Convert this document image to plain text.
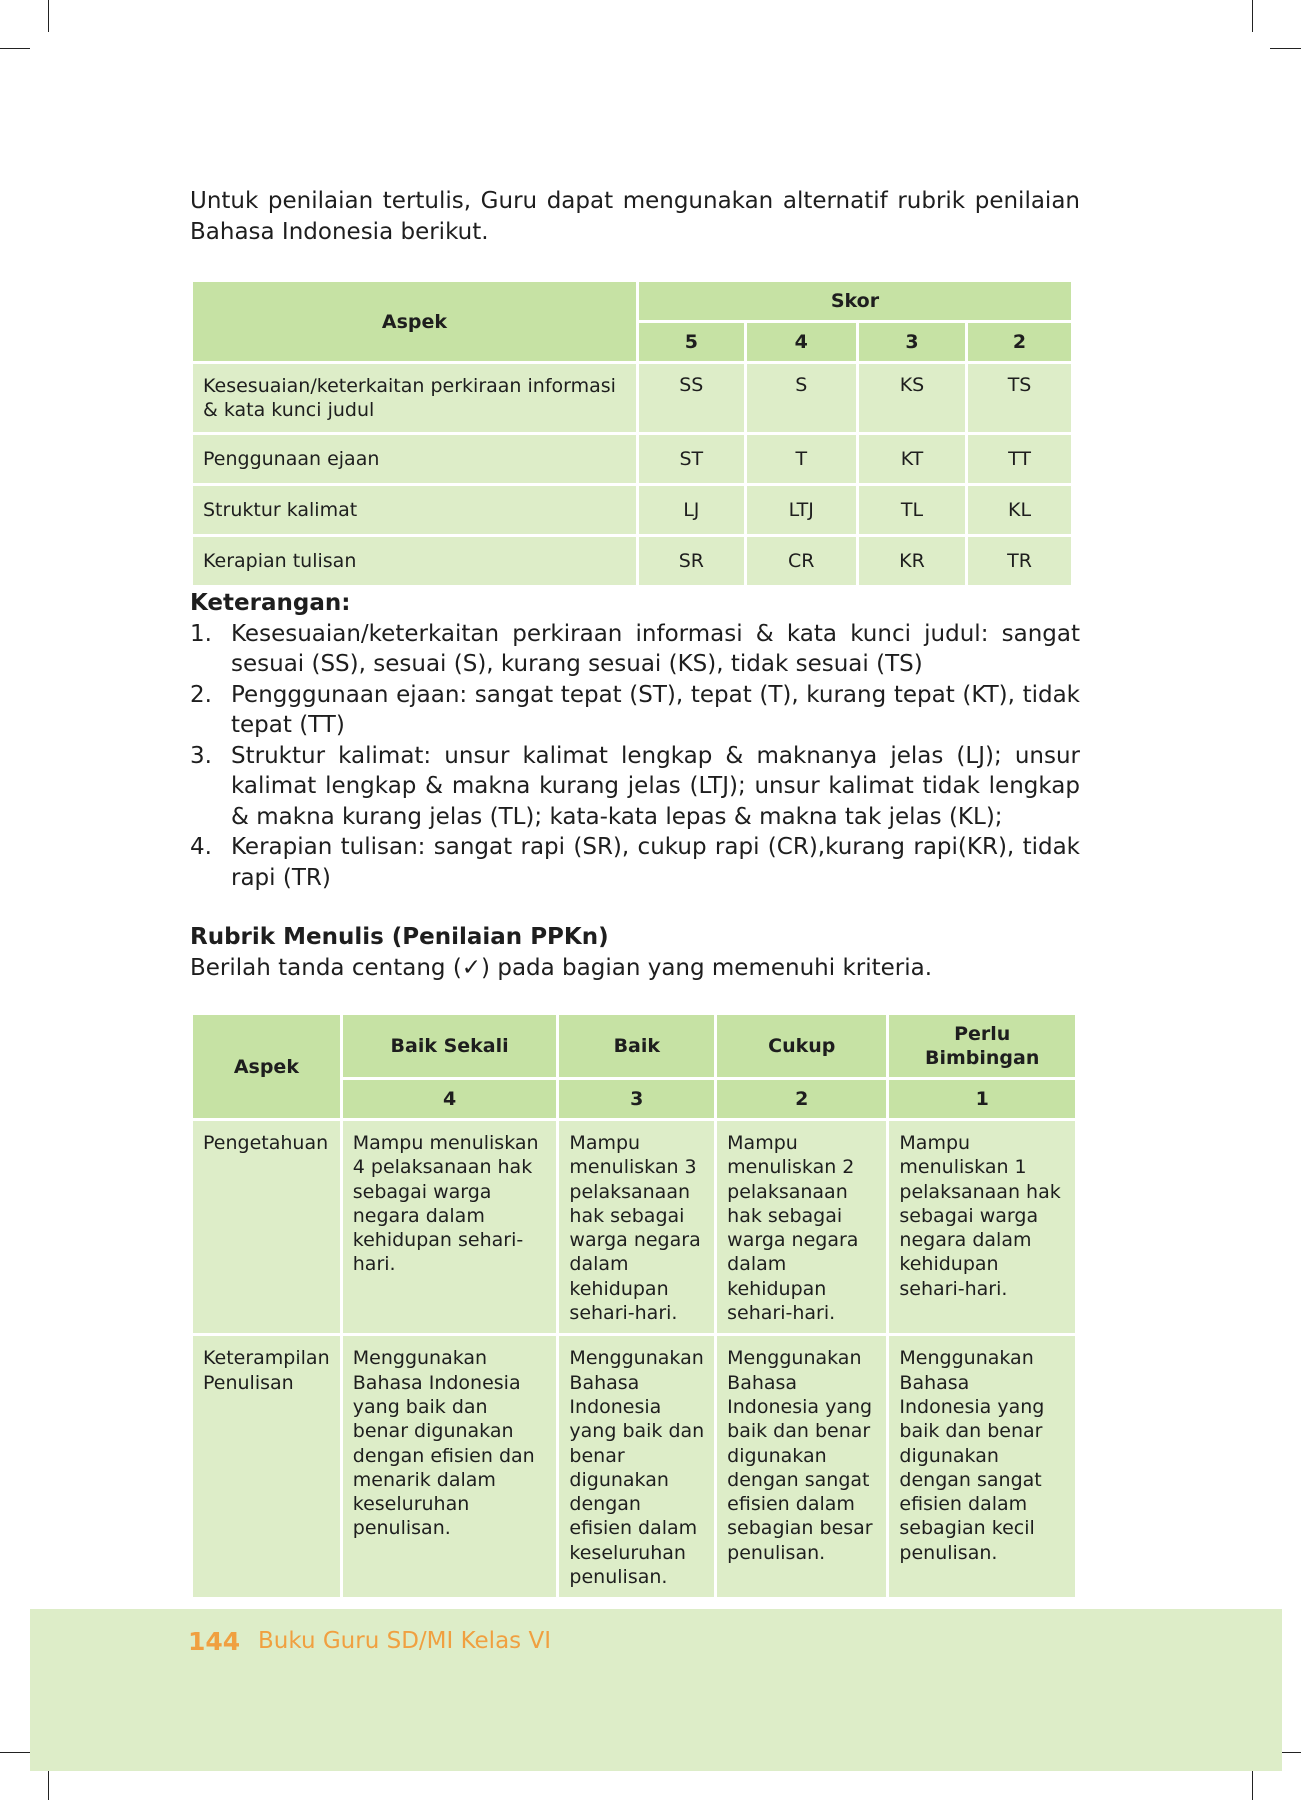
Untuk penilaian tertulis, Guru dapat mengunakan alternatif rubrik penilaian Bahasa Indonesia berikut.

Aspek	Skor			
	5	4	3	2
Kesesuaian/keterkaitan perkiraan informasi & kata kunci judul	SS	S	KS	TS
Penggunaan ejaan	ST	T	KT	TT
Struktur kalimat	LJ	LTJ	TL	KL
Kerapian tulisan	SR	CR	KR	TR
Keterangan:
1. Kesesuaian/keterkaitan perkiraan informasi & kata kunci judul: sangat sesuai (SS), sesuai (S), kurang sesuai (KS), tidak sesuai (TS)
2. Pengggunaan ejaan: sangat tepat (ST), tepat (T), kurang tepat (KT), tidak tepat (TT)
3. Struktur kalimat: unsur kalimat lengkap & maknanya jelas (LJ); unsur kalimat lengkap & makna kurang jelas (LTJ); unsur kalimat tidak lengkap & makna kurang jelas (TL); kata-kata lepas & makna tak jelas (KL);
4. Kerapian tulisan: sangat rapi (SR), cukup rapi (CR),kurang rapi(KR), tidak rapi (TR)
Rubrik Menulis (Penilaian PPKn)
Berilah tanda centang (✓) pada bagian yang memenuhi kriteria.
Aspek	Baik Sekali	Baik	Cukup	Perlu Bimbingan
	4	3	2	1
Pengetahuan	Mampu menuliskan 4 pelaksanaan hak sebagai warga negara dalam kehidupan sehari-hari.	Mampu menuliskan 3 pelaksanaan hak sebagai warga negara dalam kehidupan sehari-hari.	Mampu menuliskan 2 pelaksanaan hak sebagai warga negara dalam kehidupan sehari-hari.	Mampu menuliskan 1 pelaksanaan hak sebagai warga negara dalam kehidupan sehari-hari.
Keterampilan Penulisan	Menggunakan Bahasa Indonesia yang baik dan benar digunakan dengan efisien dan menarik dalam keseluruhan penulisan.	Menggunakan Bahasa Indonesia yang baik dan benar digunakan dengan efisien dalam keseluruhan penulisan.	Menggunakan Bahasa Indonesia yang baik dan benar digunakan dengan sangat efisien dalam sebagian besar penulisan.	Menggunakan Bahasa Indonesia yang baik dan benar digunakan dengan sangat efisien dalam sebagian kecil penulisan.
144 Buku Guru SD/MI Kelas VI
